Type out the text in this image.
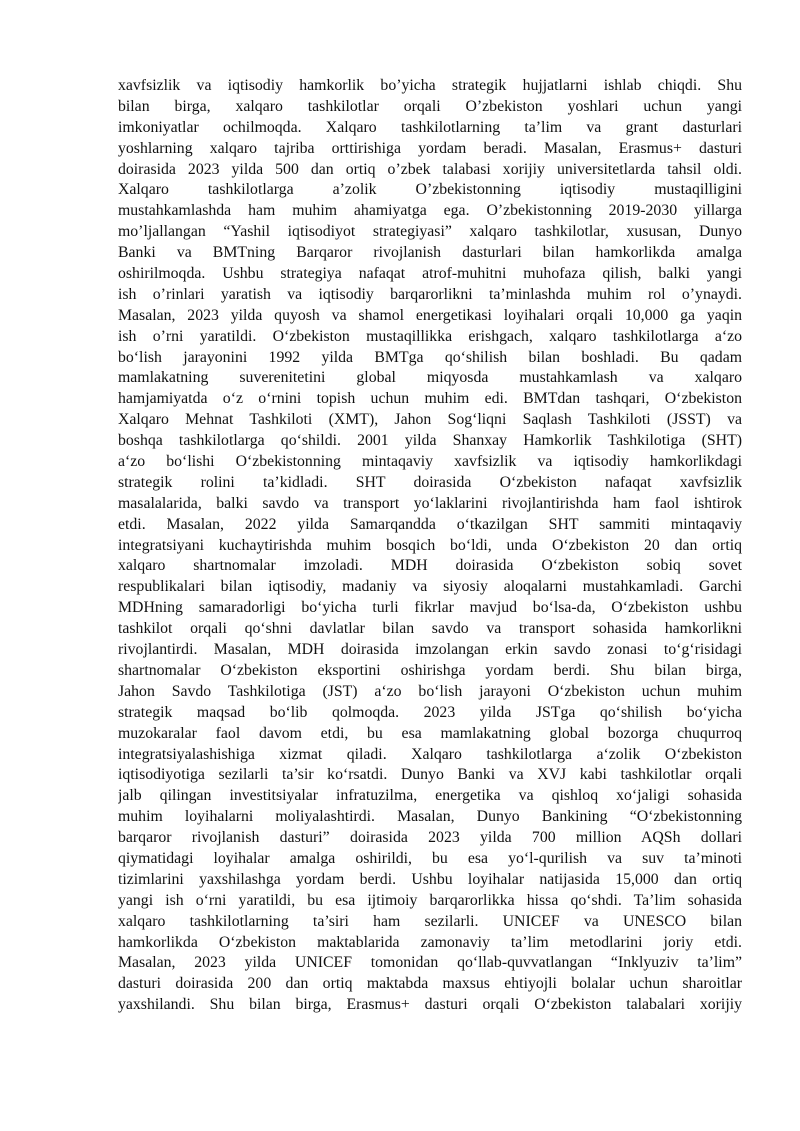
xavfsizlik va iqtisodiy hamkorlik bo’yicha strategik hujjatlarni ishlab chiqdi. Shu
bilan birga, xalqaro tashkilotlar orqali O’zbekiston yoshlari uchun yangi
imkoniyatlar ochilmoqda. Xalqaro tashkilotlarning ta’lim va grant dasturlari
yoshlarning xalqaro tajriba orttirishiga yordam beradi. Masalan, Erasmus+ dasturi
doirasida 2023 yilda 500 dan ortiq o’zbek talabasi xorijiy universitetlarda tahsil oldi.
Xalqaro tashkilotlarga a’zolik O’zbekistonning iqtisodiy mustaqilligini
mustahkamlashda ham muhim ahamiyatga ega. O’zbekistonning 2019-2030 yillarga
mo’ljallangan “Yashil iqtisodiyot strategiyasi” xalqaro tashkilotlar, xususan, Dunyo
Banki va BMTning Barqaror rivojlanish dasturlari bilan hamkorlikda amalga
oshirilmoqda. Ushbu strategiya nafaqat atrof-muhitni muhofaza qilish, balki yangi
ish o’rinlari yaratish va iqtisodiy barqarorlikni ta’minlashda muhim rol o’ynaydi.
Masalan, 2023 yilda quyosh va shamol energetikasi loyihalari orqali 10,000 ga yaqin
ish o’rni yaratildi. O‘zbekiston mustaqillikka erishgach, xalqaro tashkilotlarga a‘zo
bo‘lish jarayonini 1992 yilda BMTga qo‘shilish bilan boshladi. Bu qadam
mamlakatning suverenitetini global miqyosda mustahkamlash va xalqaro
hamjamiyatda o‘z o‘rnini topish uchun muhim edi. BMTdan tashqari, O‘zbekiston
Xalqaro Mehnat Tashkiloti (XMT), Jahon Sog‘liqni Saqlash Tashkiloti (JSST) va
boshqa tashkilotlarga qo‘shildi. 2001 yilda Shanxay Hamkorlik Tashkilotiga (SHT)
a‘zo bo‘lishi O‘zbekistonning mintaqaviy xavfsizlik va iqtisodiy hamkorlikdagi
strategik rolini ta’kidladi. SHT doirasida O‘zbekiston nafaqat xavfsizlik
masalalarida, balki savdo va transport yo‘laklarini rivojlantirishda ham faol ishtirok
etdi. Masalan, 2022 yilda Samarqandda o‘tkazilgan SHT sammiti mintaqaviy
integratsiyani kuchaytirishda muhim bosqich bo‘ldi, unda O‘zbekiston 20 dan ortiq
xalqaro shartnomalar imzoladi. MDH doirasida O‘zbekiston sobiq sovet
respublikalari bilan iqtisodiy, madaniy va siyosiy aloqalarni mustahkamladi. Garchi
MDHning samaradorligi bo‘yicha turli fikrlar mavjud bo‘lsa-da, O‘zbekiston ushbu
tashkilot orqali qo‘shni davlatlar bilan savdo va transport sohasida hamkorlikni
rivojlantirdi. Masalan, MDH doirasida imzolangan erkin savdo zonasi to‘g‘risidagi
shartnomalar O‘zbekiston eksportini oshirishga yordam berdi. Shu bilan birga,
Jahon Savdo Tashkilotiga (JST) a‘zo bo‘lish jarayoni O‘zbekiston uchun muhim
strategik maqsad bo‘lib qolmoqda. 2023 yilda JSTga qo‘shilish bo‘yicha
muzokaralar faol davom etdi, bu esa mamlakatning global bozorga chuqurroq
integratsiyalashishiga xizmat qiladi. Xalqaro tashkilotlarga a‘zolik O‘zbekiston
iqtisodiyotiga sezilarli ta’sir ko‘rsatdi. Dunyo Banki va XVJ kabi tashkilotlar orqali
jalb qilingan investitsiyalar infratuzilma, energetika va qishloq xo‘jaligi sohasida
muhim loyihalarni moliyalashtirdi. Masalan, Dunyo Bankining “O‘zbekistonning
barqaror rivojlanish dasturi” doirasida 2023 yilda 700 million AQSh dollari
qiymatidagi loyihalar amalga oshirildi, bu esa yo‘l-qurilish va suv ta’minoti
tizimlarini yaxshilashga yordam berdi. Ushbu loyihalar natijasida 15,000 dan ortiq
yangi ish o‘rni yaratildi, bu esa ijtimoiy barqarorlikka hissa qo‘shdi. Ta’lim sohasida
xalqaro tashkilotlarning ta’siri ham sezilarli. UNICEF va UNESCO bilan
hamkorlikda O‘zbekiston maktablarida zamonaviy ta’lim metodlarini joriy etdi.
Masalan, 2023 yilda UNICEF tomonidan qo‘llab-quvvatlangan “Inklyuziv ta’lim”
dasturi doirasida 200 dan ortiq maktabda maxsus ehtiyojli bolalar uchun sharoitlar
yaxshilandi. Shu bilan birga, Erasmus+ dasturi orqali O‘zbekiston talabalari xorijiy
